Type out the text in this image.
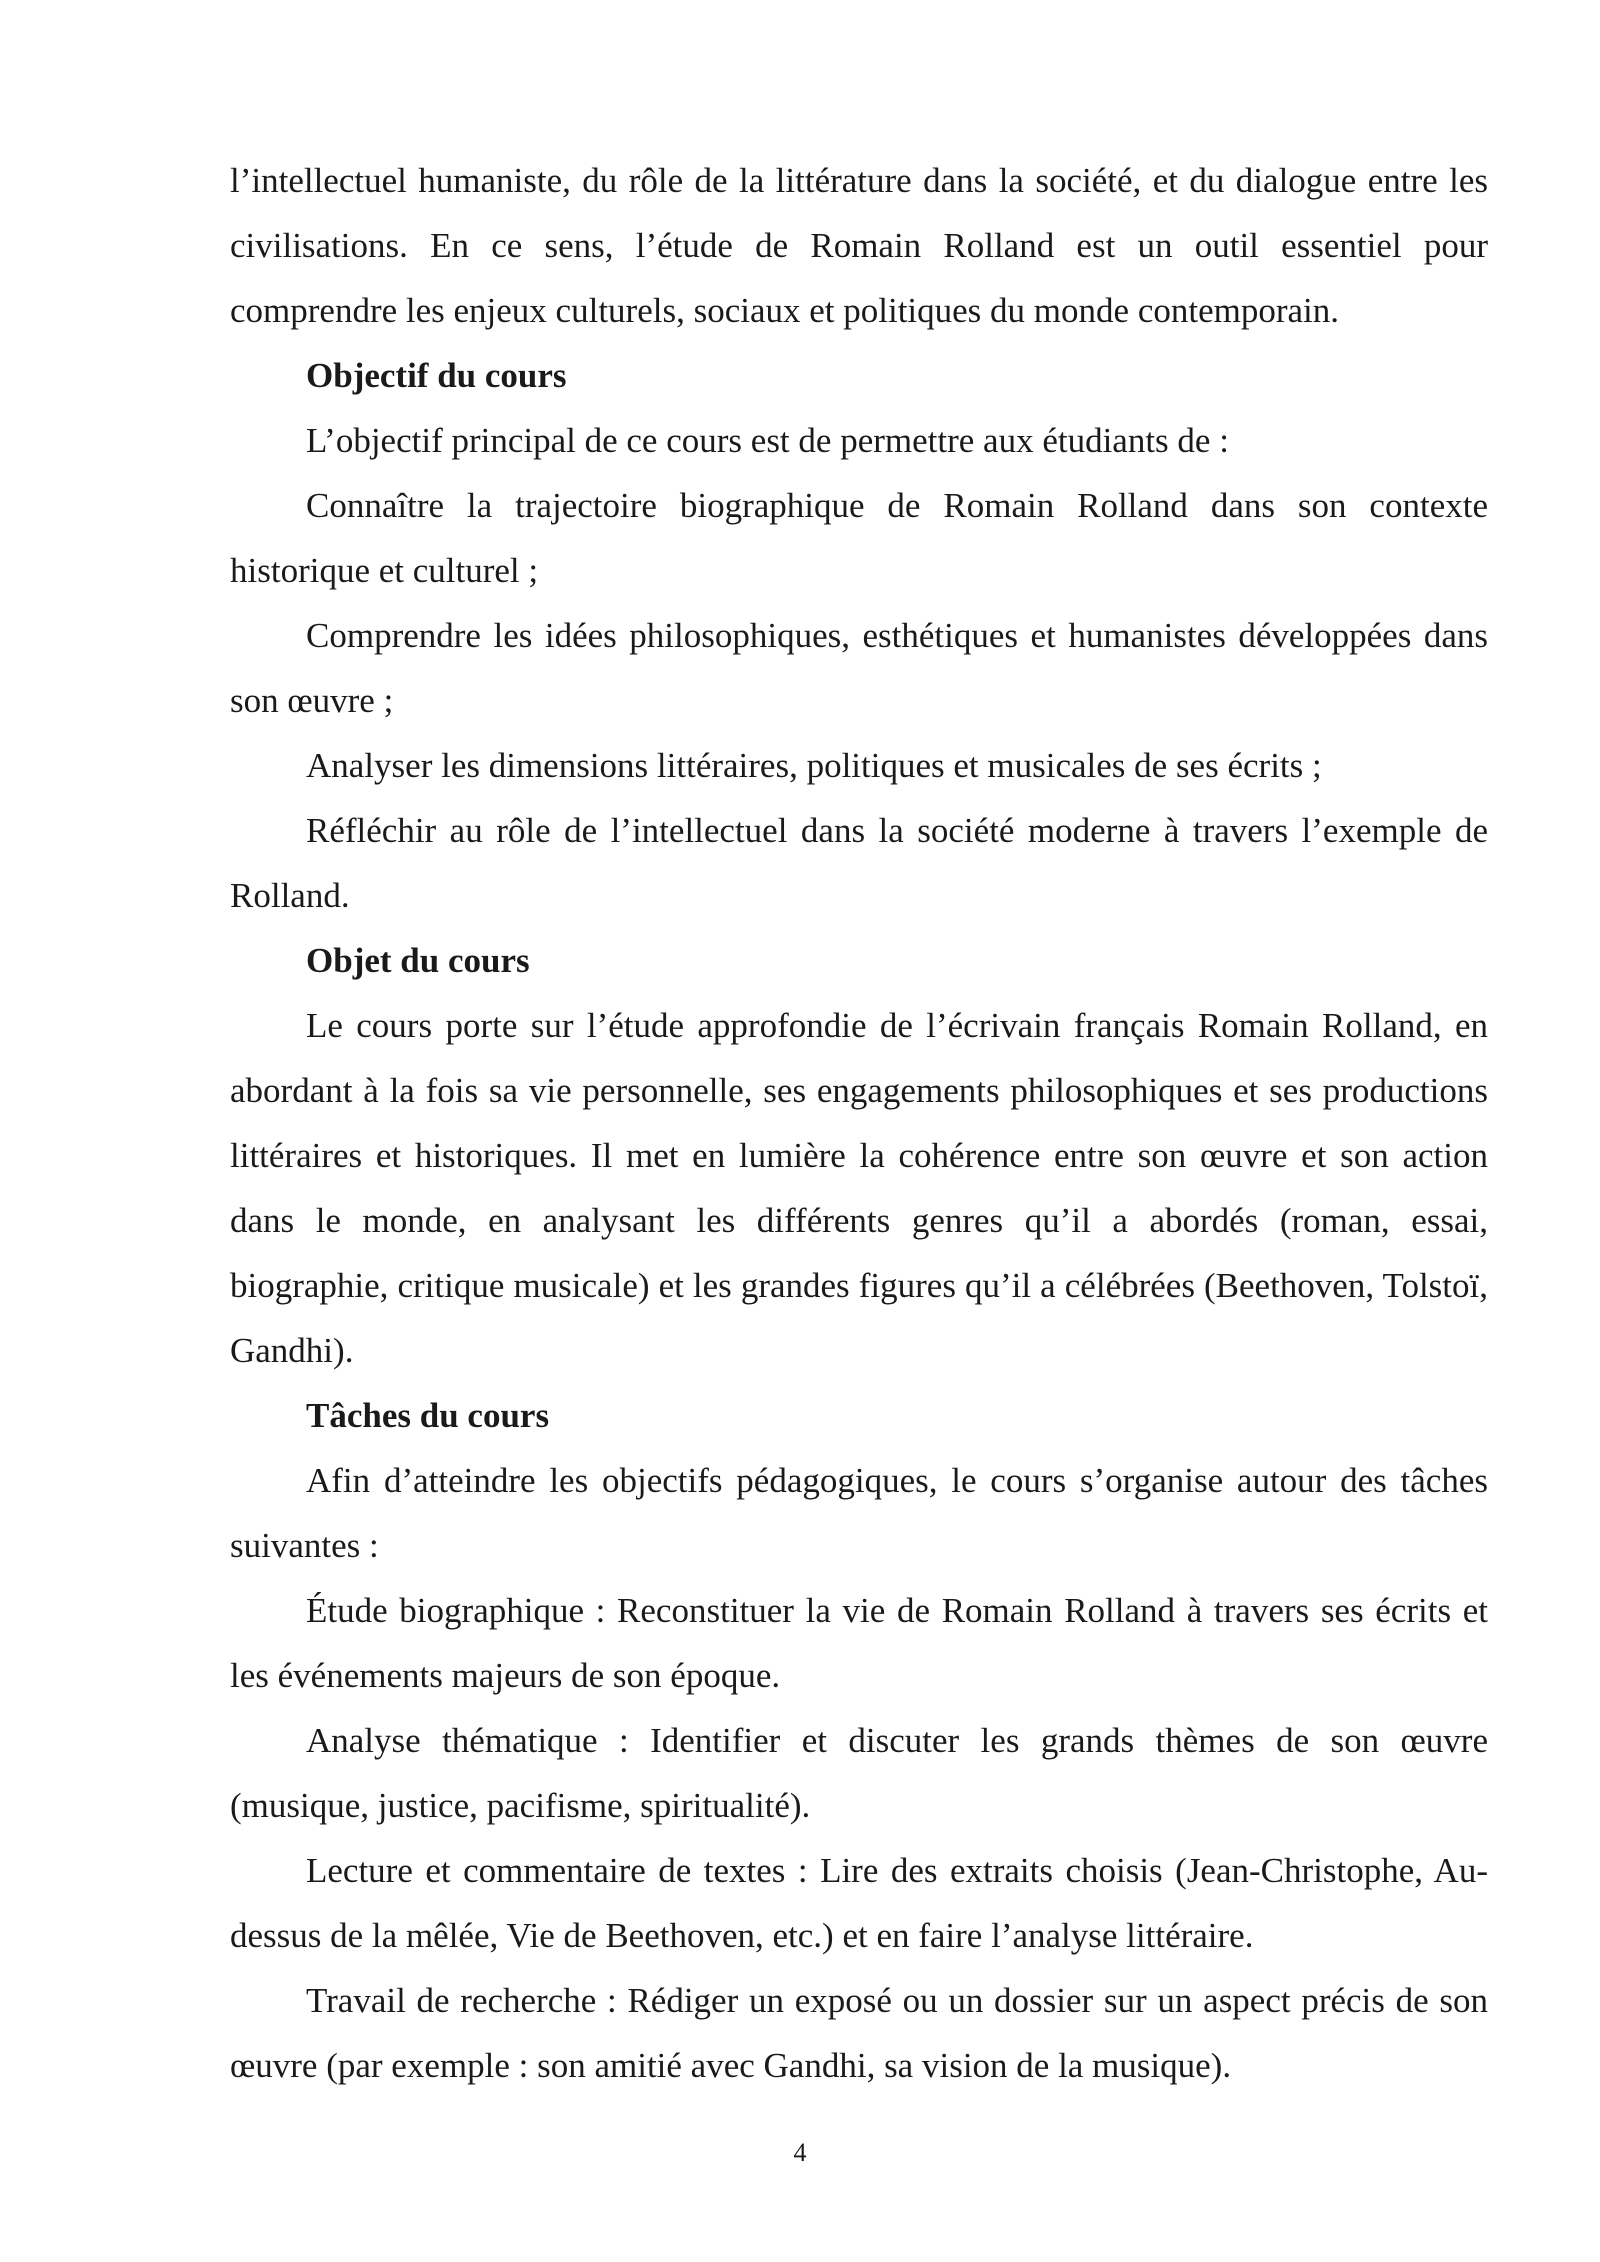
l’intellectuel humaniste, du rôle de la littérature dans la société, et du dialogue entre les civilisations. En ce sens, l’étude de Romain Rolland est un outil essentiel pour comprendre les enjeux culturels, sociaux et politiques du monde contemporain.

Objectif du cours

L’objectif principal de ce cours est de permettre aux étudiants de :

Connaître la trajectoire biographique de Romain Rolland dans son contexte historique et culturel ;

Comprendre les idées philosophiques, esthétiques et humanistes développées dans son œuvre ;

Analyser les dimensions littéraires, politiques et musicales de ses écrits ;

Réfléchir au rôle de l’intellectuel dans la société moderne à travers l’exemple de Rolland.

Objet du cours

Le cours porte sur l’étude approfondie de l’écrivain français Romain Rolland, en abordant à la fois sa vie personnelle, ses engagements philosophiques et ses productions littéraires et historiques. Il met en lumière la cohérence entre son œuvre et son action dans le monde, en analysant les différents genres qu’il a abordés (roman, essai, biographie, critique musicale) et les grandes figures qu’il a célébrées (Beethoven, Tolstoï, Gandhi).

Tâches du cours

Afin d’atteindre les objectifs pédagogiques, le cours s’organise autour des tâches suivantes :

Étude biographique : Reconstituer la vie de Romain Rolland à travers ses écrits et les événements majeurs de son époque.

Analyse thématique : Identifier et discuter les grands thèmes de son œuvre (musique, justice, pacifisme, spiritualité).

Lecture et commentaire de textes : Lire des extraits choisis (Jean-Christophe, Au-dessus de la mêlée, Vie de Beethoven, etc.) et en faire l’analyse littéraire.

Travail de recherche : Rédiger un exposé ou un dossier sur un aspect précis de son œuvre (par exemple : son amitié avec Gandhi, sa vision de la musique).

4
